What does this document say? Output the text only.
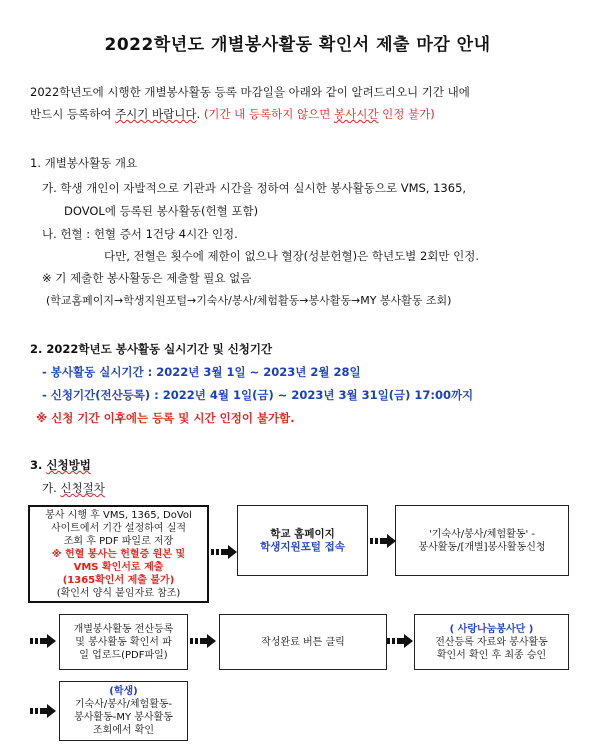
2022학년도 개별봉사활동 확인서 제출 마감 안내
2022학년도에 시행한 개별봉사활동 등록 마감일을 아래와 같이 알려드리오니 기간 내에
반드시 등록하여 주시기 바랍니다. (기간 내 등록하지 않으면 봉사시간 인정 불가)
1. 개별봉사활동 개요
가. 학생 개인이 자발적으로 기관과 시간을 정하여 실시한 봉사활동으로 VMS, 1365,
DOVOL에 등록된 봉사활동(헌혈 포함)
나. 헌혈 : 헌혈 증서 1건당 4시간 인정.
다만, 전혈은 횟수에 제한이 없으나 혈장(성분헌혈)은 학년도별 2회만 인정.
※ 기 제출한 봉사활동은 제출할 필요 없음
(학교홈페이지→학생지원포털→기숙사/봉사/체험활동→봉사활동→MY 봉사활동 조회)
2. 2022학년도 봉사활동 실시기간 및 신청기간
- 봉사활동 실시기간 : 2022년 3월 1일 ~ 2023년 2월 28일
- 신청기간(전산등록) : 2022년 4월 1일(금) ~ 2023년 3월 31일(금) 17:00까지
※ 신청 기간 이후에는 등록 및 시간 인정이 불가함.
3. 신청방법
가. 신청절차
봉사 시행 후 VMS, 1365, DoVol
사이트에서 기간 설정하여 실적
조회 후 PDF 파일로 저장
※ 헌혈 봉사는 헌혈증 원본 및
VMS 확인서로 제출
(1365확인서 제출 불가)
(확인서 양식 붙임자료 참조)
학교 홈페이지
학생지원포털 접속
'기숙사/봉사/체험활동' -
봉사활동/[개별]봉사활동신청
개별봉사활동 전산등록
및 봉사활동 확인서 파
일 업로드(PDF파일)
작성완료 버튼 클릭
( 사랑나눔봉사단 )
전산등록 자료와 봉사활동
확인서 확인 후 최종 승인
(학생)
기숙사/봉사/체험활동-
봉사활동-MY 봉사활동
조회에서 확인
